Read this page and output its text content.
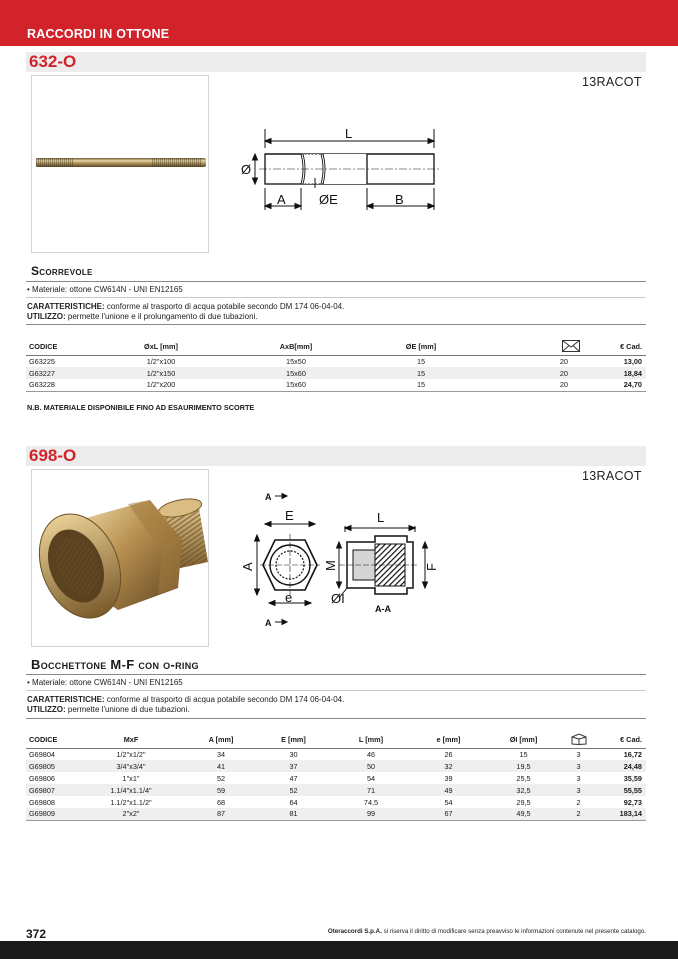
RACCORDI IN OTTONE
632-O
13RACOT
L
Ø
A	ØE	B
Scorrevole
• Materiale: ottone CW614N - UNI EN12165
CARATTERISTICHE: conforme al trasporto di acqua potabile secondo DM 174 06-04-04.
UTILIZZO: permette l'unione e il prolungamento di due tubazioni.
CODICE	ØxL [mm]	AxB[mm]	ØE [mm]		€ Cad.
G63225	1/2"x100	15x50	15	20	13,00
G63227	1/2"x150	15x60	15	20	18,84
G63228	1/2"x200	15x60	15	20	24,70
N.B. MATERIALE DISPONIBILE FINO AD ESAURIMENTO SCORTE
698-O
13RACOT
A
A
E
A
e
L
M	F
ØI
A-A
Bocchettone M-F con o-ring
• Materiale: ottone CW614N - UNI EN12165
CARATTERISTICHE: conforme al trasporto di acqua potabile secondo DM 174 06-04-04.
UTILIZZO: permette l'unione di due tubazioni.
CODICE	MxF	A [mm]	E [mm]	L [mm]	e [mm]	ØI [mm]		€ Cad.
G69804	1/2"x1/2"	34	30	46	26	15	3	16,72
G69805	3/4"x3/4"	41	37	50	32	19,5	3	24,48
G69806	1"x1"	52	47	54	39	25,5	3	35,59
G69807	1.1/4"x1.1/4"	59	52	71	49	32,5	3	55,55
G69808	1.1/2"x1.1/2"	68	64	74,5	54	29,5	2	92,73
G69809	2"x2"	87	81	99	67	49,5	2	183,14
372	Oteraccordi S.p.A. si riserva il diritto di modificare senza preavviso le informazioni contenute nel presente catalogo.
